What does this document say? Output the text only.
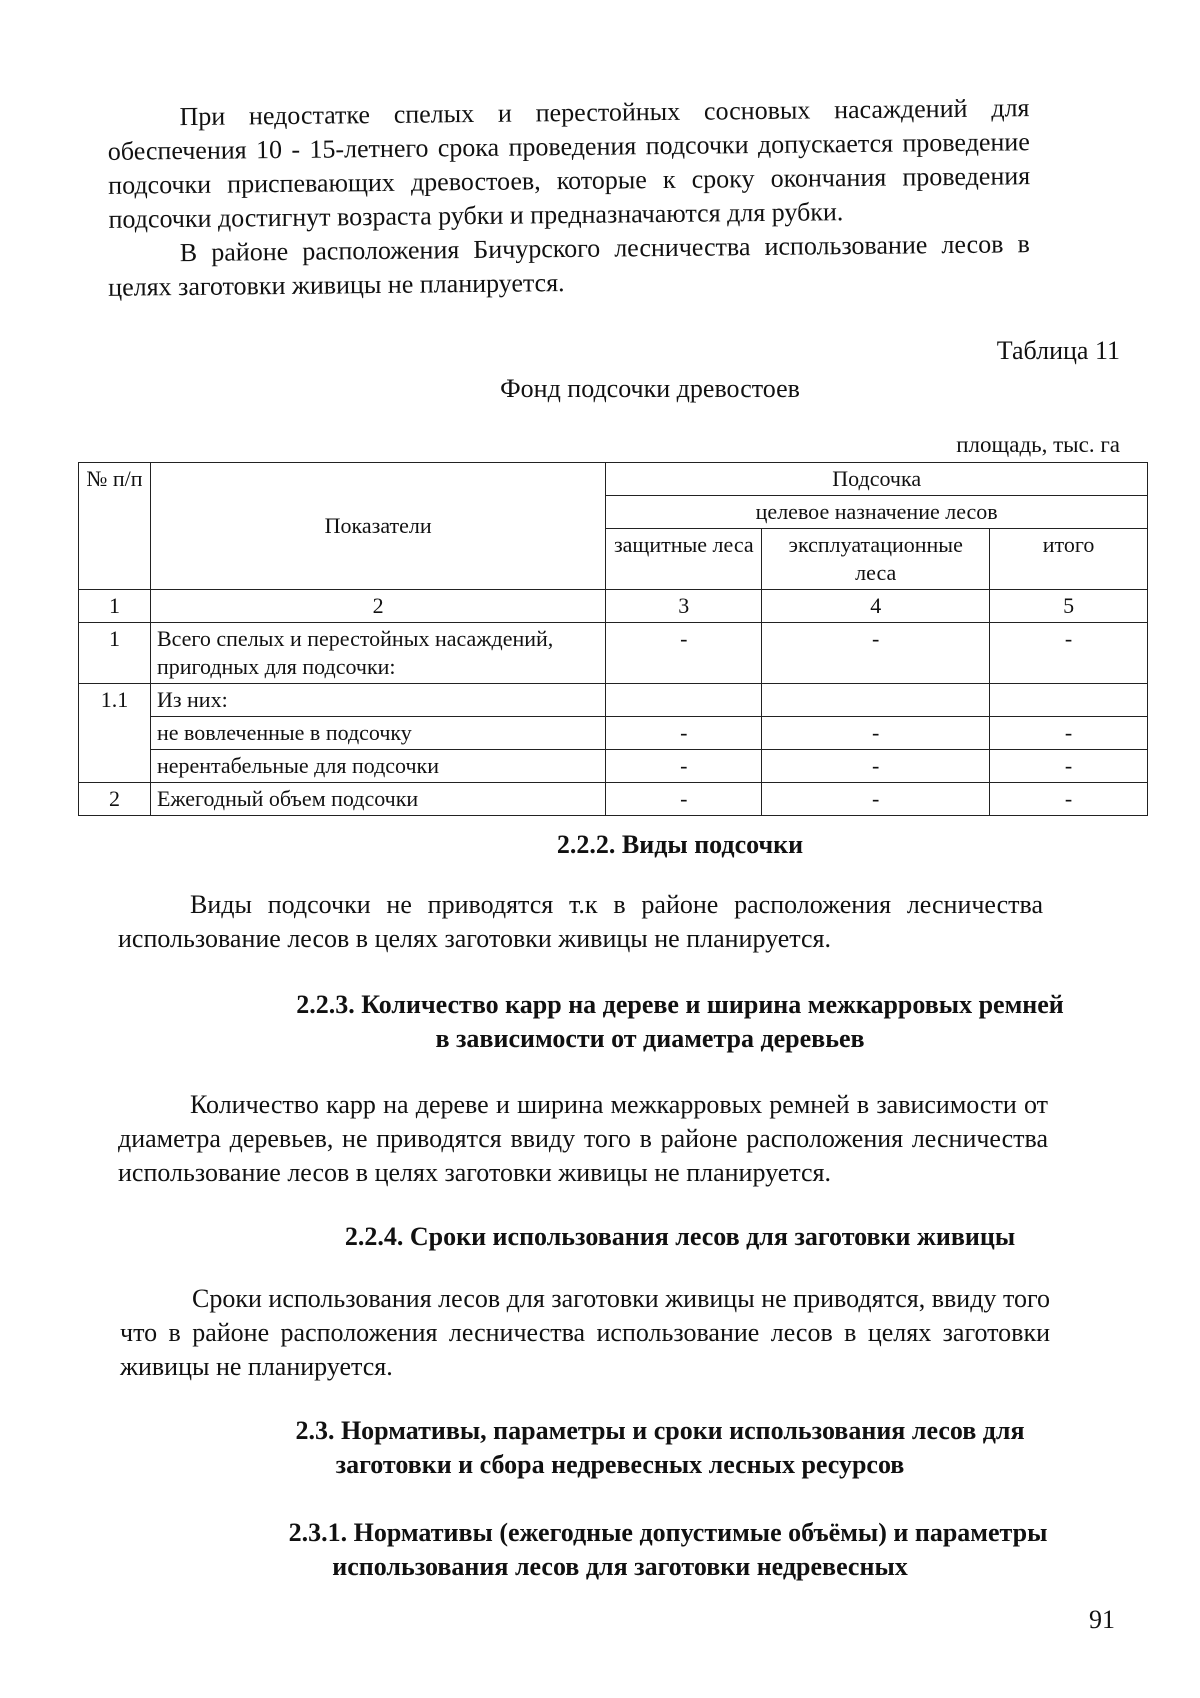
При недостатке спелых и перестойных сосновых насаждений для обеспечения 10 - 15-летнего срока проведения подсочки допускается проведение подсочки приспевающих древостоев, которые к сроку окончания проведения подсочки достигнут возраста рубки и предназначаются для рубки.
В районе расположения Бичурского лесничества использование лесов в целях заготовки живицы не планируется.
Таблица 11
Фонд подсочки древостоев
площадь, тыс. га
№ п/п	Показатели	Подсочка		
		целевое назначение лесов		
		защитные леса	эксплуатационные леса	итого
1	2	3	4	5
1	Всего спелых и перестойных насаждений, пригодных для подсочки:	-	-	-
1.1	Из них:			
	не вовлеченные в подсочку	-	-	-
	нерентабельные для подсочки	-	-	-
2	Ежегодный объем подсочки	-	-	-
2.2.2. Виды подсочки
Виды подсочки не приводятся т.к в районе расположения лесничества использование лесов в целях заготовки живицы не планируется.
2.2.3. Количество карр на дереве и ширина межкарровых ремней
в зависимости от диаметра деревьев
Количество карр на дереве и ширина межкарровых ремней в зависимости от диаметра деревьев, не приводятся ввиду того в районе расположения лесничества использование лесов в целях заготовки живицы не планируется.
2.2.4. Сроки использования лесов для заготовки живицы
Сроки использования лесов для заготовки живицы не приводятся, ввиду того что в районе расположения лесничества использование лесов в целях заготовки живицы не планируется.
2.3. Нормативы, параметры и сроки использования лесов для
заготовки и сбора недревесных лесных ресурсов
2.3.1. Нормативы (ежегодные допустимые объёмы) и параметры
использования лесов для заготовки недревесных
91
